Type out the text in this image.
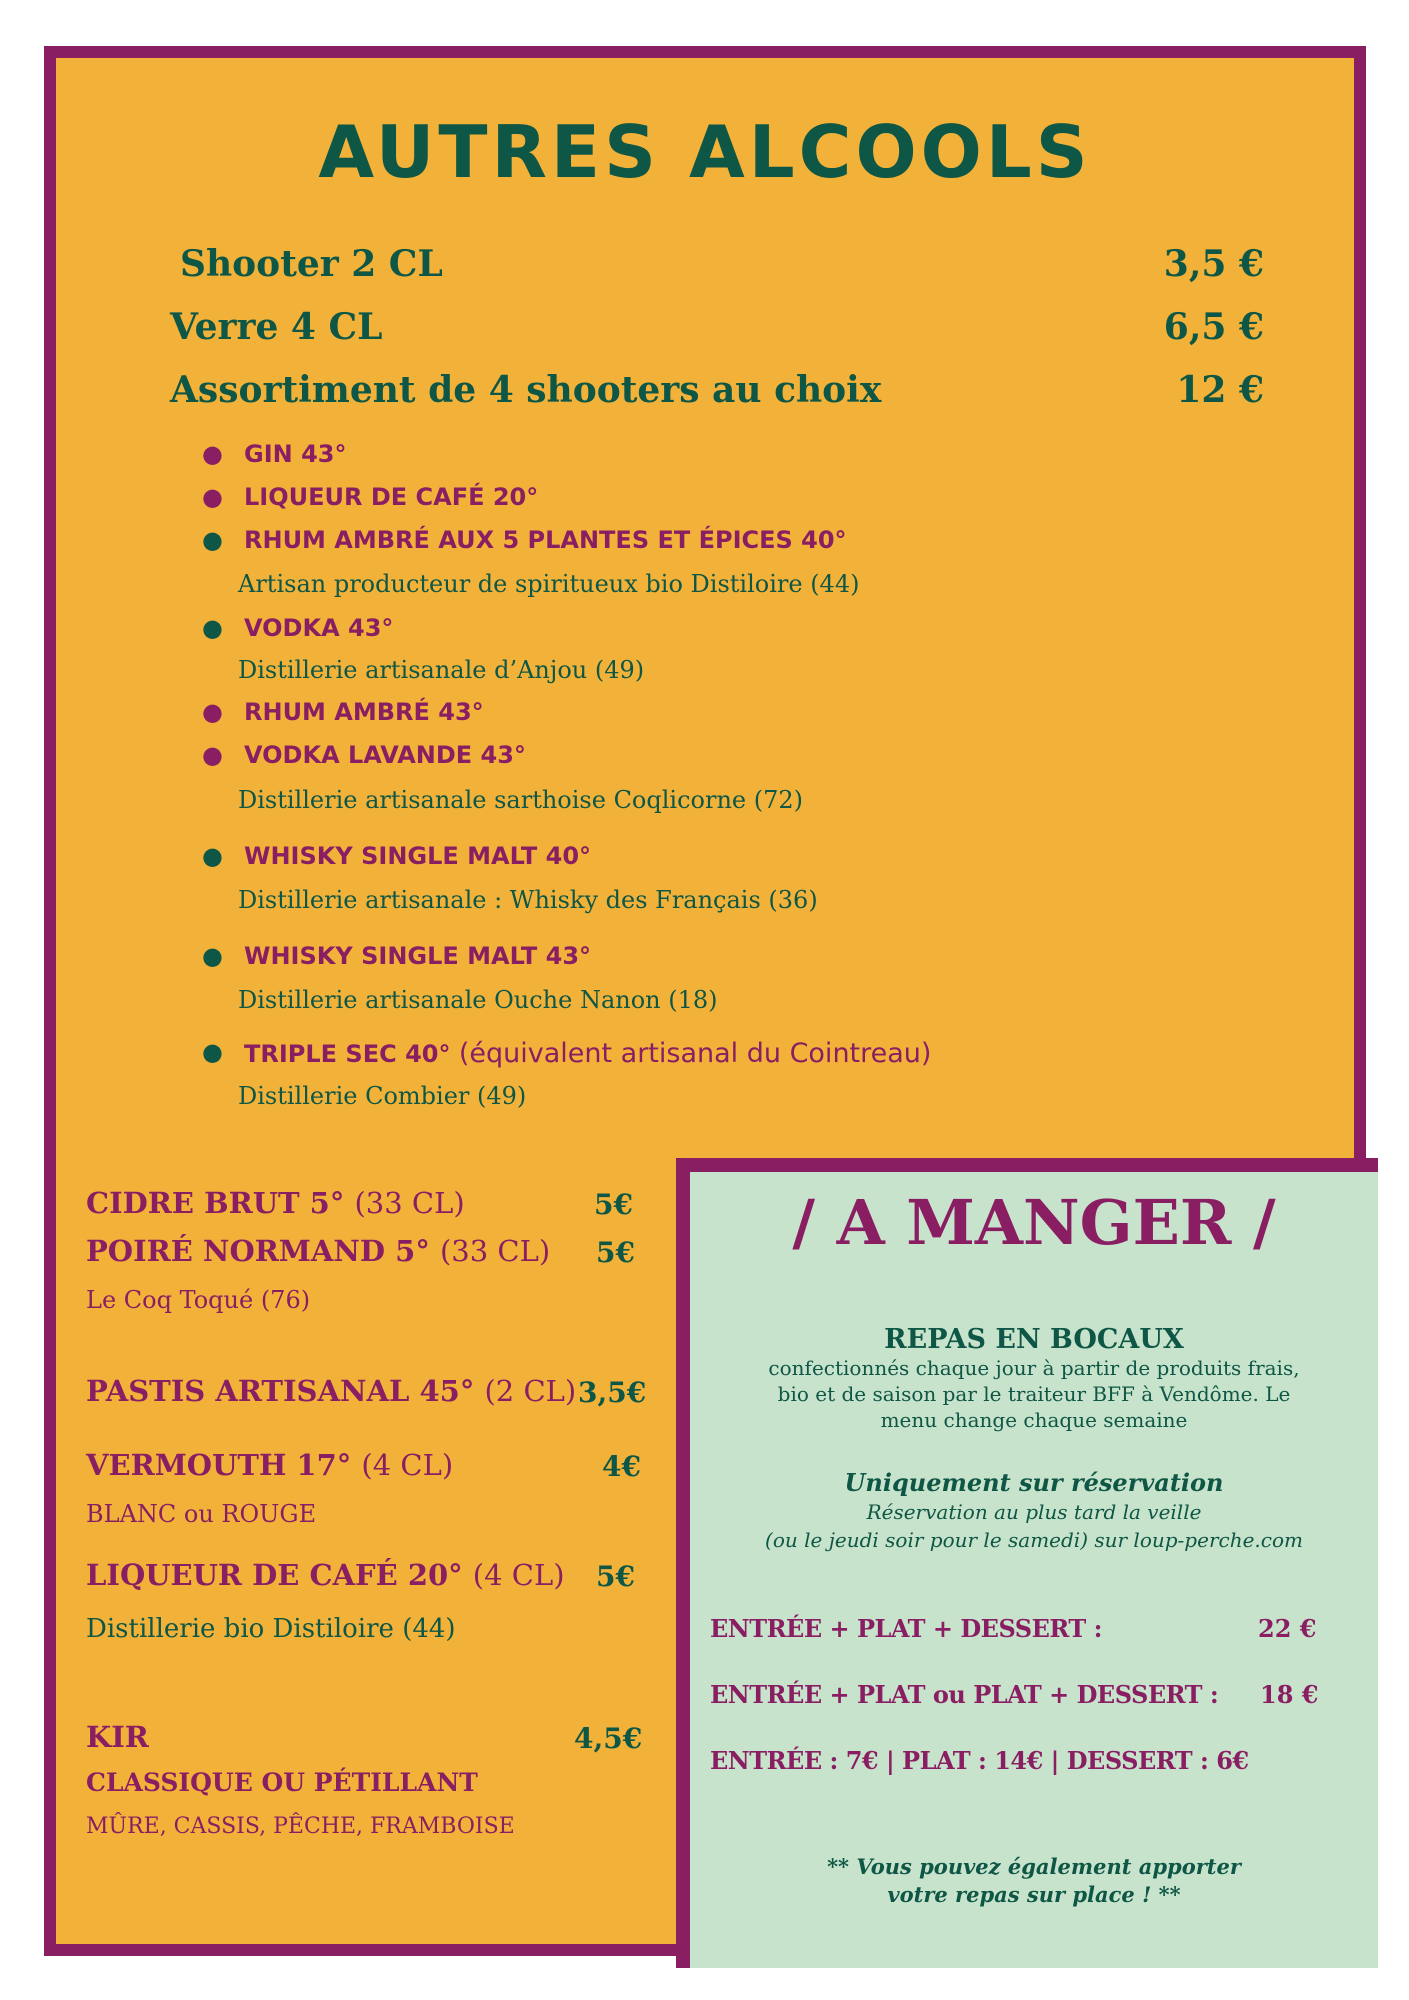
AUTRES ALCOOLS
Shooter 2 CL	3,5 €
Verre 4 CL	6,5 €
Assortiment de 4 shooters au choix	12 €
● GIN 43°
● LIQUEUR DE CAFÉ 20°
● RHUM AMBRÉ AUX 5 PLANTES ET ÉPICES 40°
Artisan producteur de spiritueux bio Distiloire (44)
● VODKA 43°
Distillerie artisanale d’Anjou (49)
● RHUM AMBRÉ 43°
● VODKA LAVANDE 43°
Distillerie artisanale sarthoise Coqlicorne (72)
● WHISKY SINGLE MALT 40°
Distillerie artisanale : Whisky des Français (36)
● WHISKY SINGLE MALT 43°
Distillerie artisanale Ouche Nanon (18)
● TRIPLE SEC 40° (équivalent artisanal du Cointreau)
Distillerie Combier (49)
CIDRE BRUT 5° (33 CL)	5€
POIRÉ NORMAND 5° (33 CL) 5€
Le Coq Toqué (76)
PASTIS ARTISANAL 45° (2 CL) 3,5€
VERMOUTH 17° (4 CL)	4€
BLANC ou ROUGE
LIQUEUR DE CAFÉ 20° (4 CL) 5€
Distillerie bio Distiloire (44)
KIR	4,5€
CLASSIQUE OU PÉTILLANT
MÛRE, CASSIS, PÊCHE, FRAMBOISE
/ A MANGER /
REPAS EN BOCAUX
confectionnés chaque jour à partir de produits frais,
bio et de saison par le traiteur BFF à Vendôme. Le
menu change chaque semaine
Uniquement sur réservation
Réservation au plus tard la veille
(ou le jeudi soir pour le samedi) sur loup-perche.com
ENTRÉE + PLAT + DESSERT :	22 €
ENTRÉE + PLAT ou PLAT + DESSERT : 18 €
ENTRÉE : 7€ | PLAT : 14€ | DESSERT : 6€
** Vous pouvez également apporter
votre repas sur place ! **
